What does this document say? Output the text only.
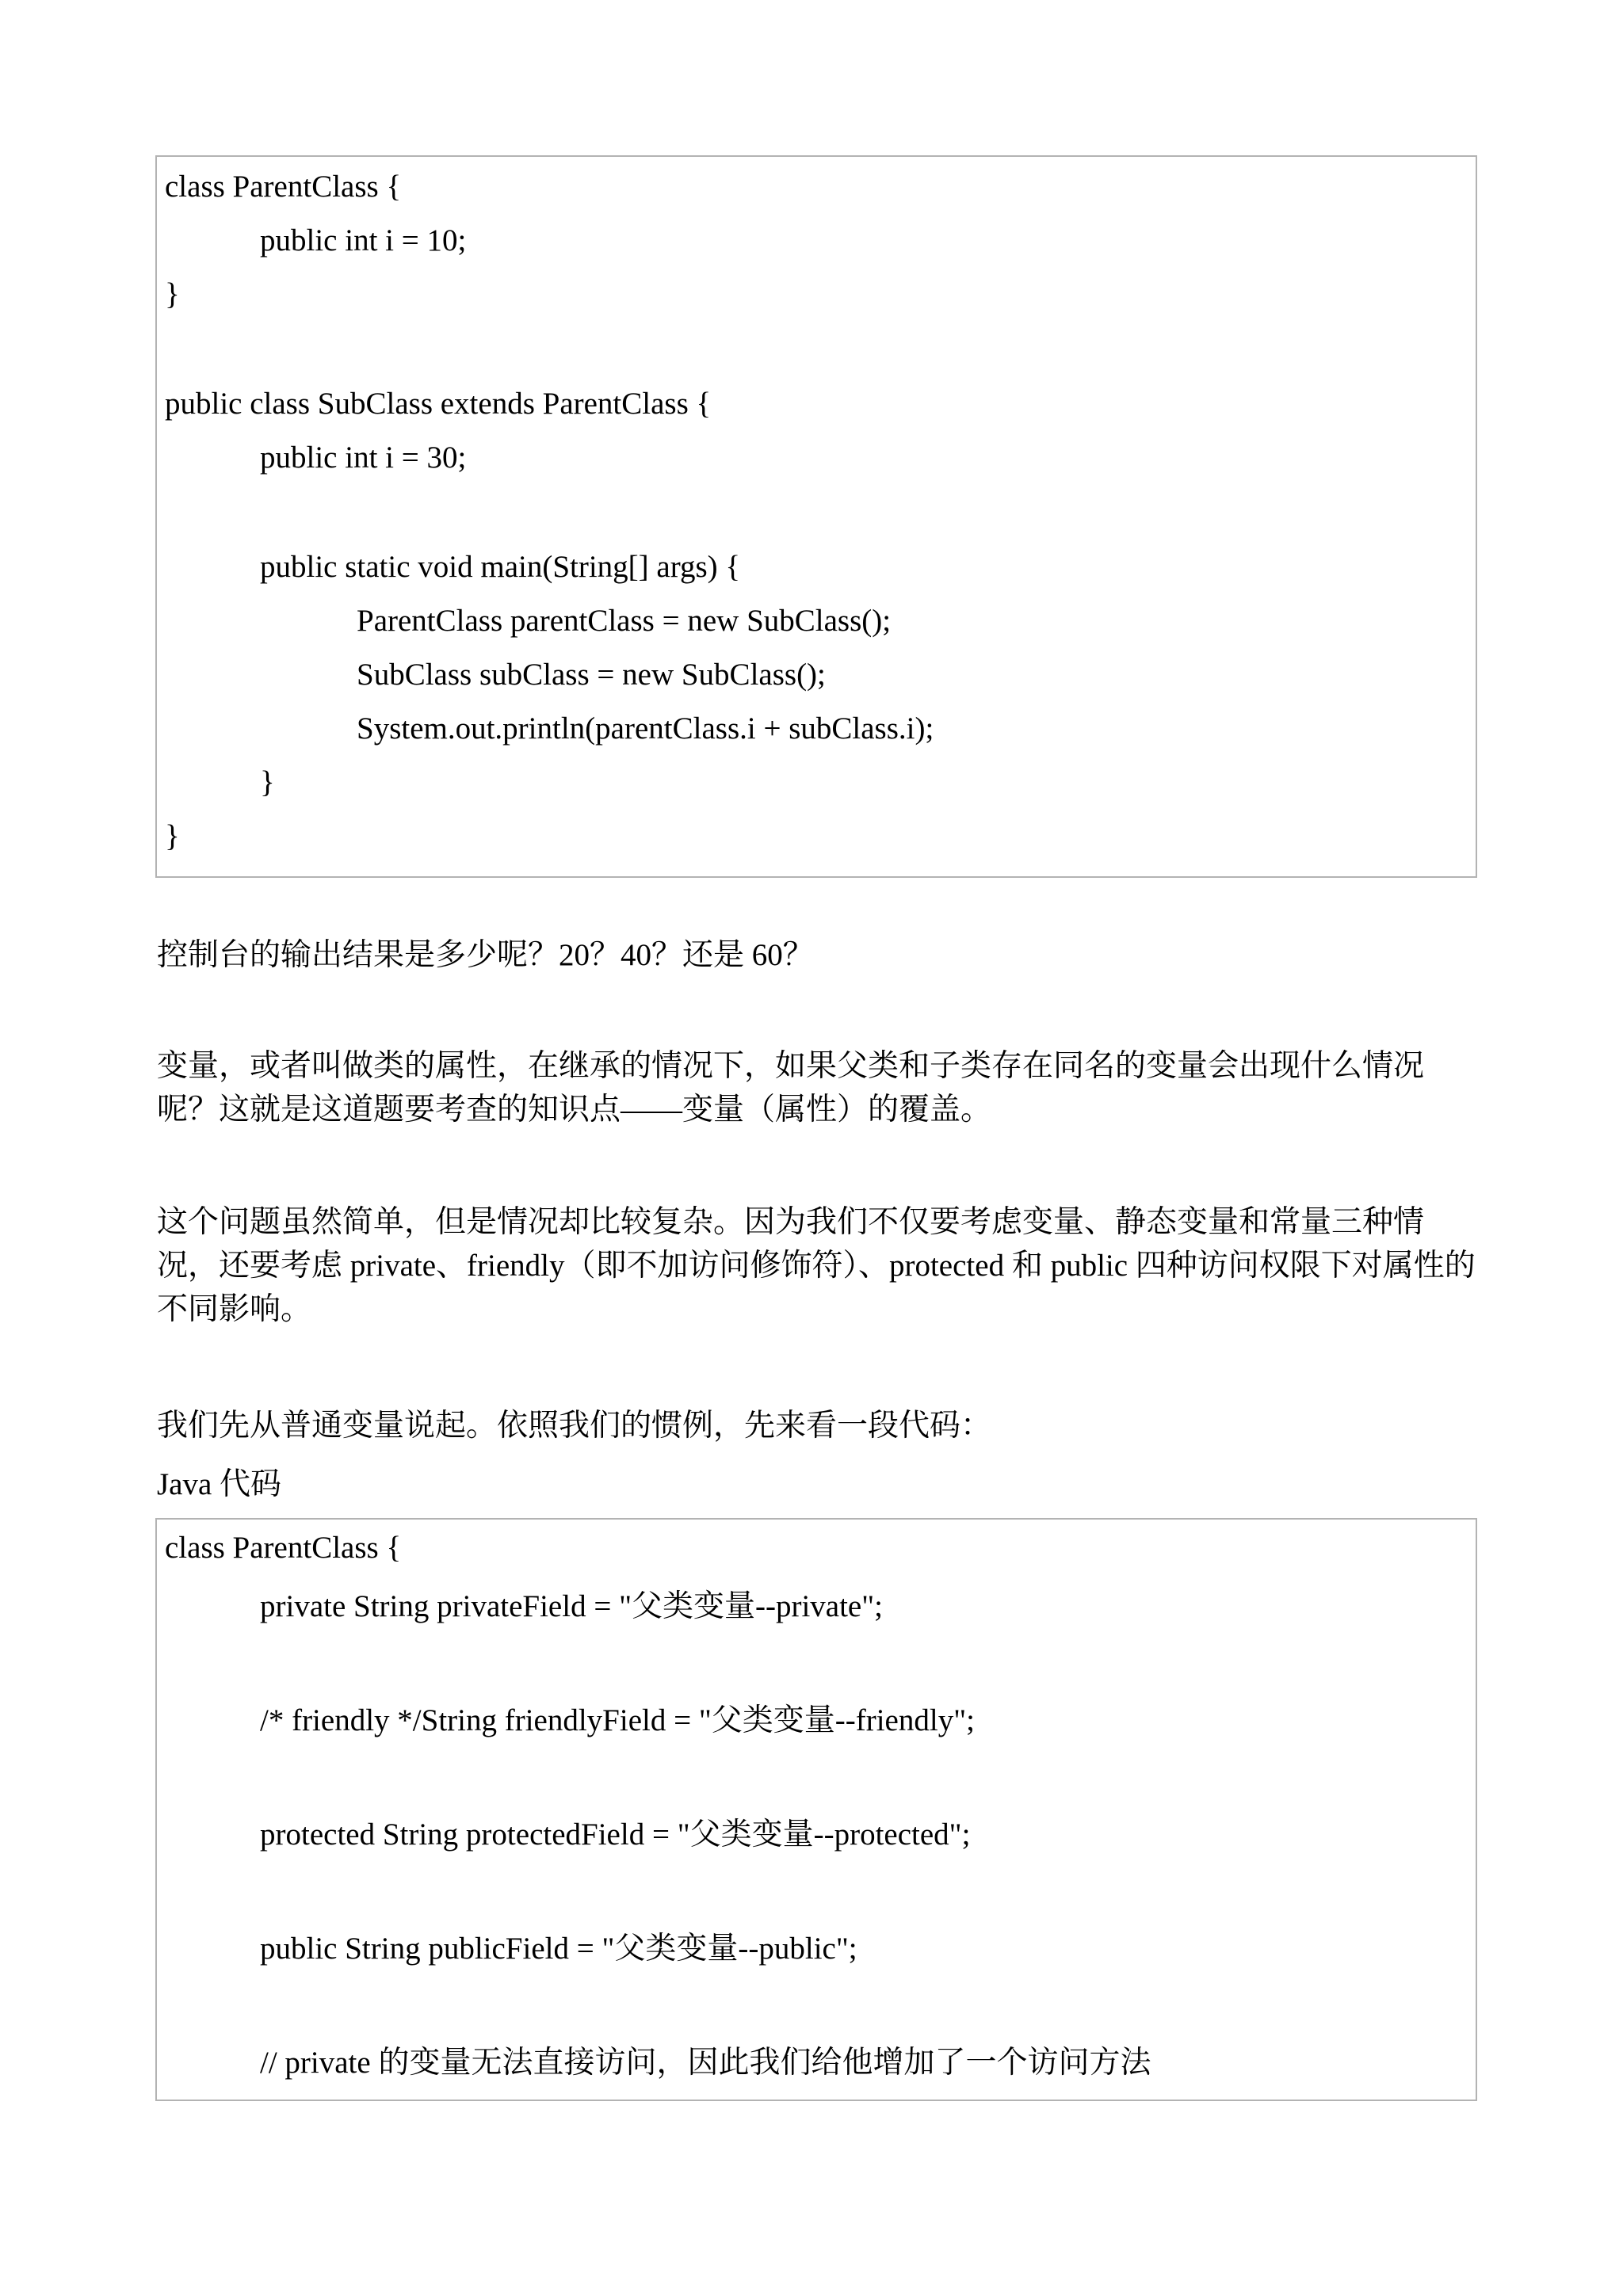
class ParentClass {
public int i = 10;
}
public class SubClass extends ParentClass {
public int i = 30;
public static void main(String[] args) {
ParentClass parentClass = new SubClass();
SubClass subClass = new SubClass();
System.out.println(parentClass.i + subClass.i);
}
}

控制台的输出结果是多少呢？20？40？还是 60？

变量，或者叫做类的属性，在继承的情况下，如果父类和子类存在同名的变量会出现什么情况呢？这就是这道题要考查的知识点——变量（属性）的覆盖。

这个问题虽然简单，但是情况却比较复杂。因为我们不仅要考虑变量、静态变量和常量三种情况，还要考虑 private、friendly（即不加访问修饰符）、protected 和 public 四种访问权限下对属性的不同影响。

我们先从普通变量说起。依照我们的惯例，先来看一段代码：

Java 代码

class ParentClass {
private String privateField = "父类变量--private";
/* friendly */String friendlyField = "父类变量--friendly";
protected String protectedField = "父类变量--protected";
public String publicField = "父类变量--public";
// private 的变量无法直接访问，因此我们给他增加了一个访问方法
